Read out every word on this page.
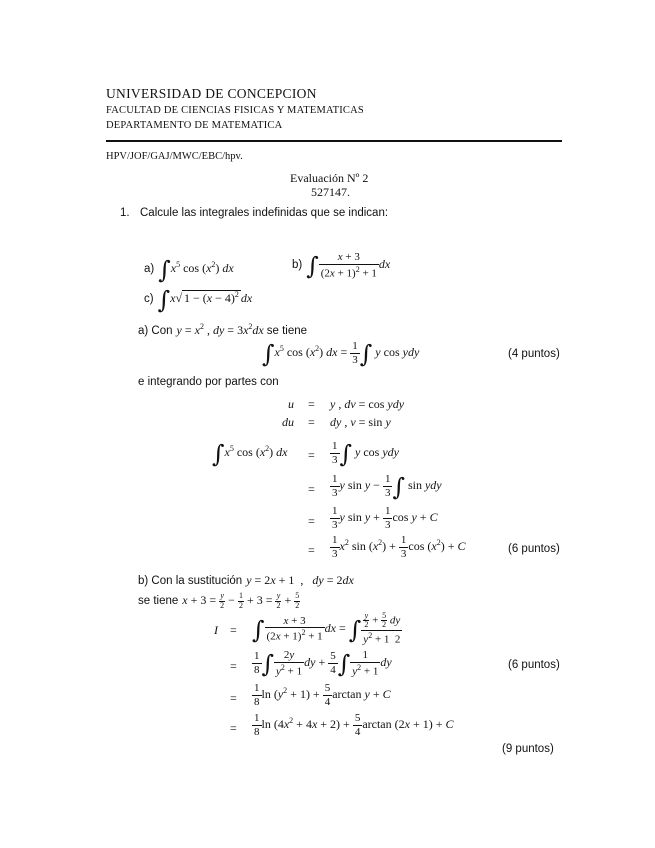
UNIVERSIDAD DE CONCEPCION
FACULTAD DE CIENCIAS FISICAS Y MATEMATICAS
DEPARTAMENTO DE MATEMATICA
HPV/JOF/GAJ/MWC/EBC/hpv.
Evaluación Nº 2
527147.
1. Calcule las integrales indefinidas que se indican:
a) $\int x^5$ $\cos (x^2)$ dx	b) ∫ $\frac{x + 3}{(2x + 1)^2 + 1}$ dx
c) ∫x√ $1 - (x - 4)^2$ dx
a) Con $y = x^2$ , dy = $3x^2dx$ se tiene
$\int x^5$ $\cos (x^2)$ dx = $\frac{1}{3}$ ∫ y cos ydy	(4 puntos)
e integrando por partes con
u = y , dv = cos ydy
du = dy , v = sin y
$\int x^5$ $\cos (x^2)$ dx = $\frac{1}{3}$ ∫ y cos ydy
= $\frac{1}{3}$ y $\sin y - \frac{1}{3}$ ∫ sin ydy
= $\frac{1}{3}$ y $\sin y + \frac{1}{3}$ cos y + C
= $\frac{1}{3} x^2$ $\sin (x^2) + \frac{1}{3}$ $\cos (x^2) + C$	(6 puntos)
b) Con la sustitución y = 2x + 1  ,   dy = 2dx
se tiene $x + 3 = \frac{y}{2} - \frac{1}{2} + 3 = \frac{y}{2} + \frac{5}{2}$
I = ∫ $\frac{x + 3}{(2x + 1)^2 + 1}$ dx = ∫ $\frac{\frac{y}{2} + \frac{5}{2} dy}{y^2 + 1 2}$
= $\frac{1}{8}$ ∫ $\frac{2y}{y^2 + 1}$ dy + $\frac{5}{4}$ ∫ $\frac{1}{y^2 + 1}$ dy	(6 puntos)
= $\frac{1}{8}$ $\ln (y^2 + 1) + \frac{5}{4}$ arctan y + C
= $\frac{1}{8}$ $\ln (4x^2 + 4x + 2) + \frac{5}{4}$ arctan (2x + 1) + C
(9 puntos)
